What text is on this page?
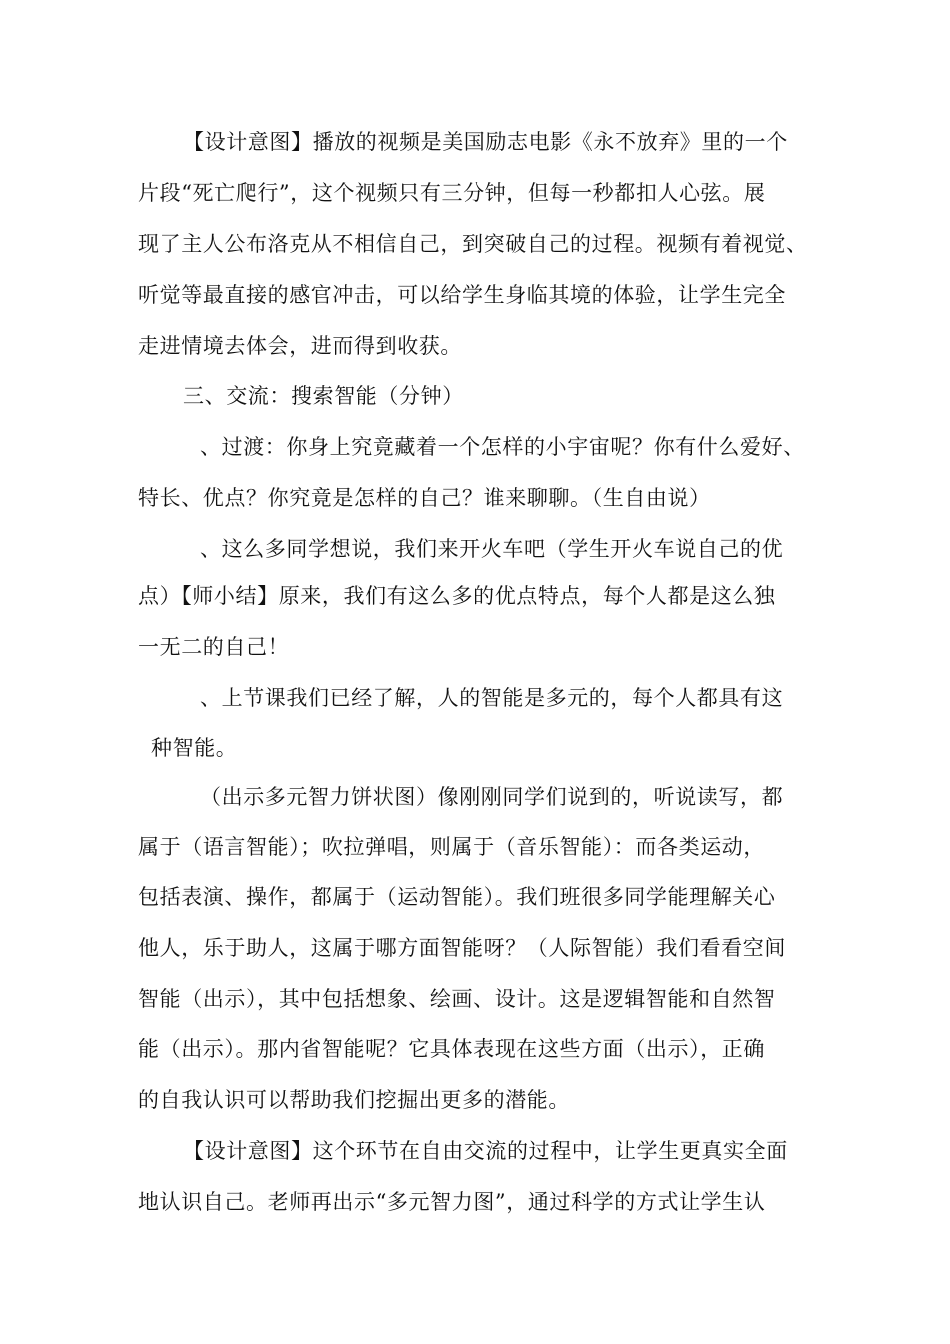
【设计意图】播放的视频是美国励志电影《永不放弃》里的一个
片段“死亡爬行”，这个视频只有三分钟，但每一秒都扣人心弦。展
现了主人公布洛克从不相信自己，到突破自己的过程。视频有着视觉、
听觉等最直接的感官冲击，可以给学生身临其境的体验，让学生完全
走进情境去体会，进而得到收获。
三、交流：搜索智能（分钟）
、过渡：你身上究竟藏着一个怎样的小宇宙呢？你有什么爱好、
特长、优点？你究竟是怎样的自己？谁来聊聊。（生自由说）
、这么多同学想说，我们来开火车吧（学生开火车说自己的优
点）【师小结】原来，我们有这么多的优点特点，每个人都是这么独
一无二的自己！
、上节课我们已经了解，人的智能是多元的，每个人都具有这
种智能。
（出示多元智力饼状图）像刚刚同学们说到的，听说读写，都
属于（语言智能）；吹拉弹唱，则属于（音乐智能）：而各类运动，
包括表演、操作，都属于（运动智能）。我们班很多同学能理解关心
他人，乐于助人，这属于哪方面智能呀？（人际智能）我们看看空间
智能（出示），其中包括想象、绘画、设计。这是逻辑智能和自然智
能（出示）。那内省智能呢？它具体表现在这些方面（出示），正确
的自我认识可以帮助我们挖掘出更多的潜能。
【设计意图】这个环节在自由交流的过程中，让学生更真实全面
地认识自己。老师再出示“多元智力图”，通过科学的方式让学生认
